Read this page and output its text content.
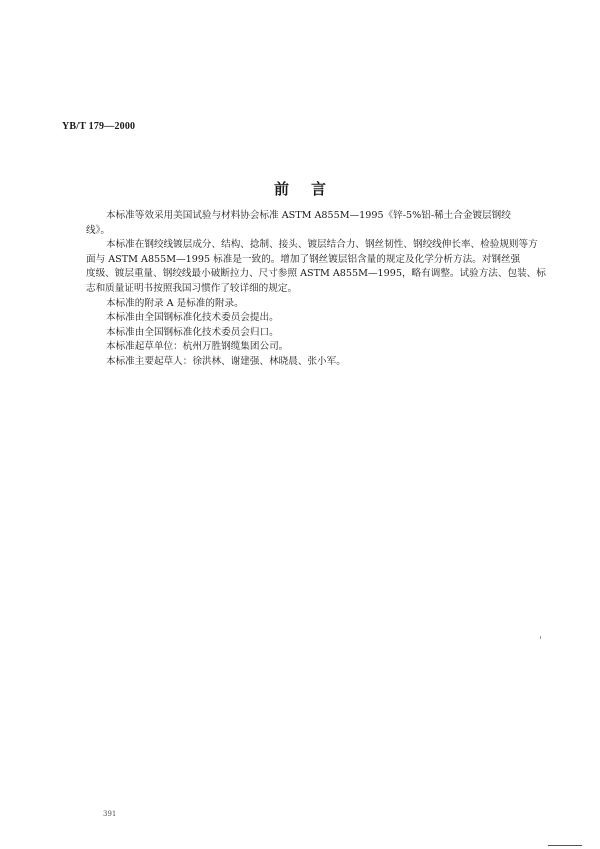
YB/T 179—2000
前言
本标准等效采用美国试验与材料协会标准 ASTM A855M—1995《锌-5%铝-稀土合金镀层钢绞
线》。
本标准在钢绞线镀层成分、结构、捻制、接头、镀层结合力、钢丝韧性、钢绞线伸长率、检验规则等方
面与 ASTM A855M—1995 标准是一致的。增加了钢丝镀层铝含量的规定及化学分析方法。对钢丝强
度级、镀层重量、钢绞线最小破断拉力、尺寸参照 ASTM A855M—1995，略有调整。试验方法、包装、标
志和质量证明书按照我国习惯作了较详细的规定。
本标准的附录 A 是标准的附录。
本标准由全国钢标准化技术委员会提出。
本标准由全国钢标准化技术委员会归口。
本标准起草单位：杭州万胜钢缆集团公司。
本标准主要起草人：徐洪林、谢建强、林晓晨、张小军。
391
